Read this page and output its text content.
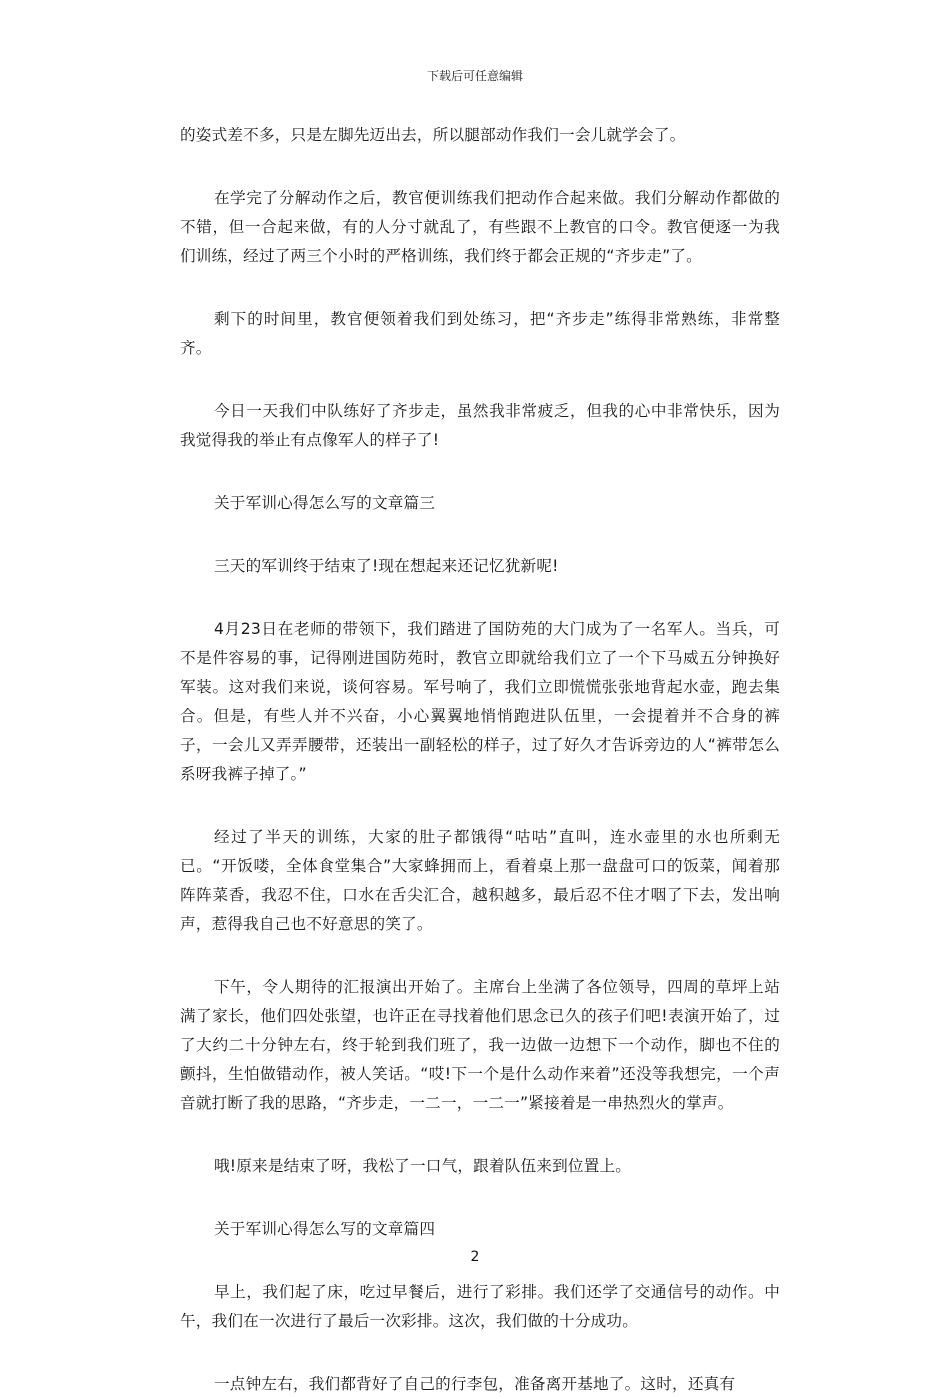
下载后可任意编辑

的姿式差不多，只是左脚先迈出去，所以腿部动作我们一会儿就学会了。

在学完了分解动作之后，教官便训练我们把动作合起来做。我们分解动作都做的不错，但一合起来做，有的人分寸就乱了，有些跟不上教官的口令。教官便逐一为我们训练，经过了两三个小时的严格训练，我们终于都会正规的“齐步走”了。

剩下的时间里，教官便领着我们到处练习，把“齐步走”练得非常熟练，非常整齐。

今日一天我们中队练好了齐步走，虽然我非常疲乏，但我的心中非常快乐，因为我觉得我的举止有点像军人的样子了!

关于军训心得怎么写的文章篇三

三天的军训终于结束了!现在想起来还记忆犹新呢!

4月23日在老师的带领下，我们踏进了国防苑的大门成为了一名军人。当兵，可不是件容易的事，记得刚进国防苑时，教官立即就给我们立了一个下马威五分钟换好军装。这对我们来说，谈何容易。军号响了，我们立即慌慌张张地背起水壶，跑去集合。但是，有些人并不兴奋，小心翼翼地悄悄跑进队伍里，一会提着并不合身的裤子，一会儿又弄弄腰带，还装出一副轻松的样子，过了好久才告诉旁边的人“裤带怎么系呀我裤子掉了。”

经过了半天的训练，大家的肚子都饿得“咕咕”直叫，连水壶里的水也所剩无已。“开饭喽，全体食堂集合”大家蜂拥而上，看着桌上那一盘盘可口的饭菜，闻着那阵阵菜香，我忍不住，口水在舌尖汇合，越积越多，最后忍不住才咽了下去，发出响声，惹得我自己也不好意思的笑了。

下午，令人期待的汇报演出开始了。主席台上坐满了各位领导，四周的草坪上站满了家长，他们四处张望，也许正在寻找着他们思念已久的孩子们吧!表演开始了，过了大约二十分钟左右，终于轮到我们班了，我一边做一边想下一个动作，脚也不住的颤抖，生怕做错动作，被人笑话。“哎!下一个是什么动作来着”还没等我想完，一个声音就打断了我的思路，“齐步走，一二一，一二一”紧接着是一串热烈火的掌声。

哦!原来是结束了呀，我松了一口气，跟着队伍来到位置上。

关于军训心得怎么写的文章篇四

早上，我们起了床，吃过早餐后，进行了彩排。我们还学了交通信号的动作。中午，我们在一次进行了最后一次彩排。这次，我们做的十分成功。

一点钟左右，我们都背好了自己的行李包，准备离开基地了。这时，还真有

2
